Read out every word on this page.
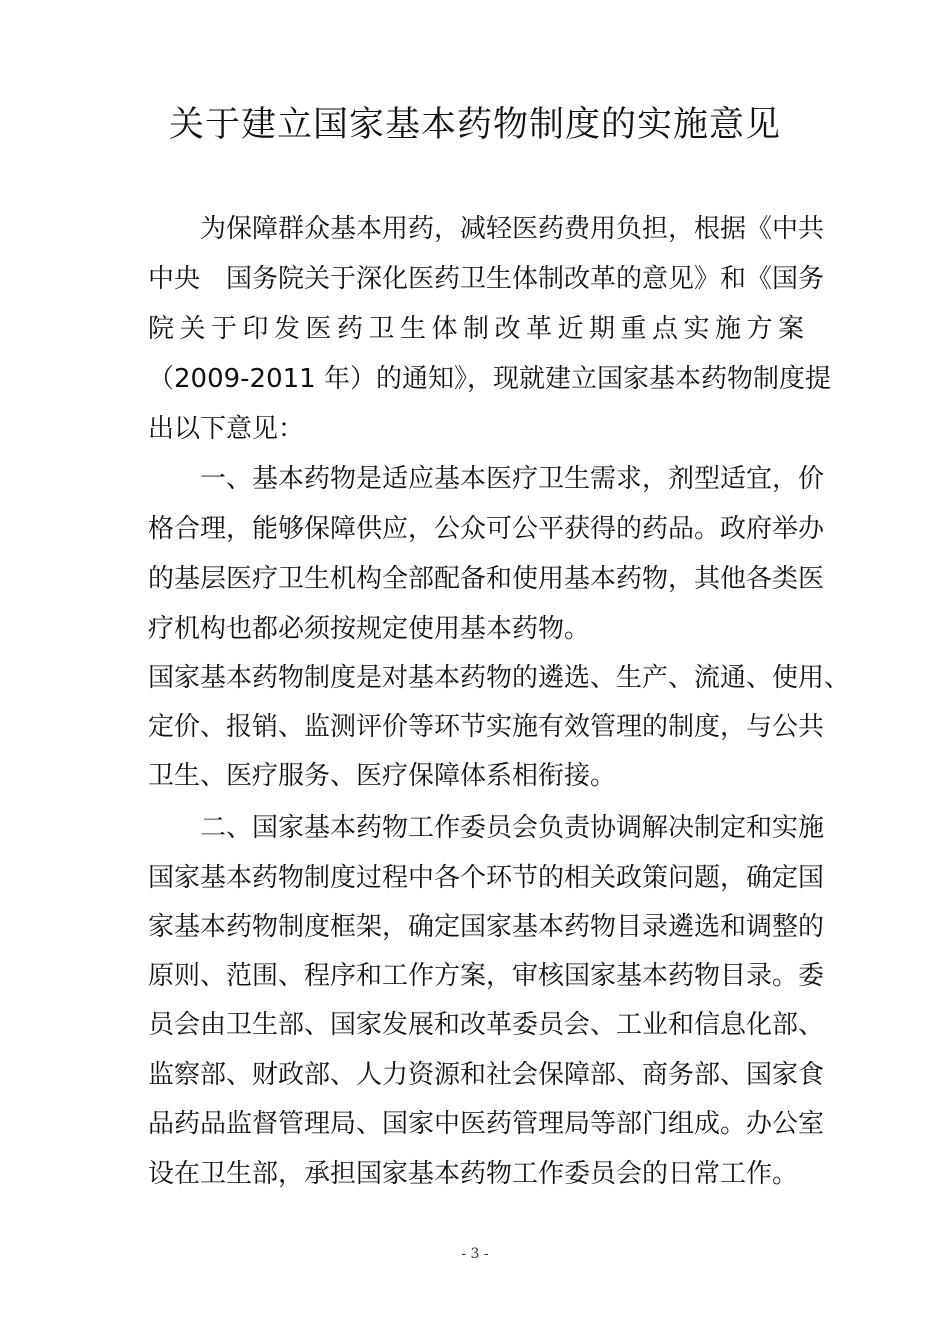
关于建立国家基本药物制度的实施意见
为保障群众基本用药，减轻医药费用负担，根据《中共
中央　国务院关于深化医药卫生体制改革的意见》和《国务
院关于印发医药卫生体制改革近期重点实施方案
（2009-2011 年）的通知》，现就建立国家基本药物制度提
出以下意见：
一、基本药物是适应基本医疗卫生需求，剂型适宜，价
格合理，能够保障供应，公众可公平获得的药品。政府举办
的基层医疗卫生机构全部配备和使用基本药物，其他各类医
疗机构也都必须按规定使用基本药物。
国家基本药物制度是对基本药物的遴选、生产、流通、使用、
定价、报销、监测评价等环节实施有效管理的制度，与公共
卫生、医疗服务、医疗保障体系相衔接。
二、国家基本药物工作委员会负责协调解决制定和实施
国家基本药物制度过程中各个环节的相关政策问题，确定国
家基本药物制度框架，确定国家基本药物目录遴选和调整的
原则、范围、程序和工作方案，审核国家基本药物目录。委
员会由卫生部、国家发展和改革委员会、工业和信息化部、
监察部、财政部、人力资源和社会保障部、商务部、国家食
品药品监督管理局、国家中医药管理局等部门组成。办公室
设在卫生部，承担国家基本药物工作委员会的日常工作。
- 3 -
